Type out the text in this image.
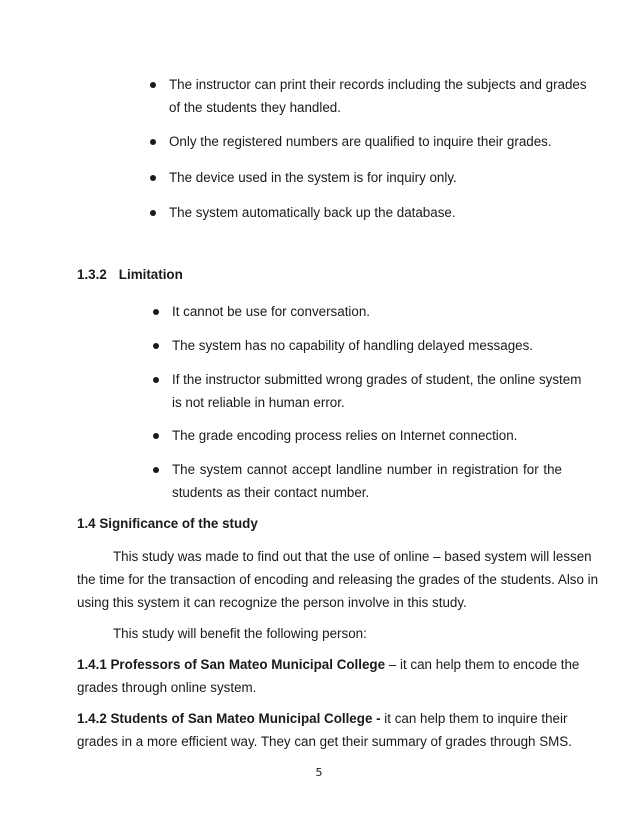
The instructor can print their records including the subjects and grades
of the students they handled.
Only the registered numbers are qualified to inquire their grades.
The device used in the system is for inquiry only.
The system automatically back up the database.
1.3.2 Limitation
It cannot be use for conversation.
The system has no capability of handling delayed messages.
If the instructor submitted wrong grades of student, the online system
is not reliable in human error.
The grade encoding process relies on Internet connection.
The system cannot accept landline number in registration for the
students as their contact number.
1.4 Significance of the study
This study was made to find out that the use of online – based system will lessen
the time for the transaction of encoding and releasing the grades of the students. Also in
using this system it can recognize the person involve in this study.
This study will benefit the following person:
1.4.1 Professors of San Mateo Municipal College – it can help them to encode the
grades through online system.
1.4.2 Students of San Mateo Municipal College - it can help them to inquire their
grades in a more efficient way. They can get their summary of grades through SMS.
5
